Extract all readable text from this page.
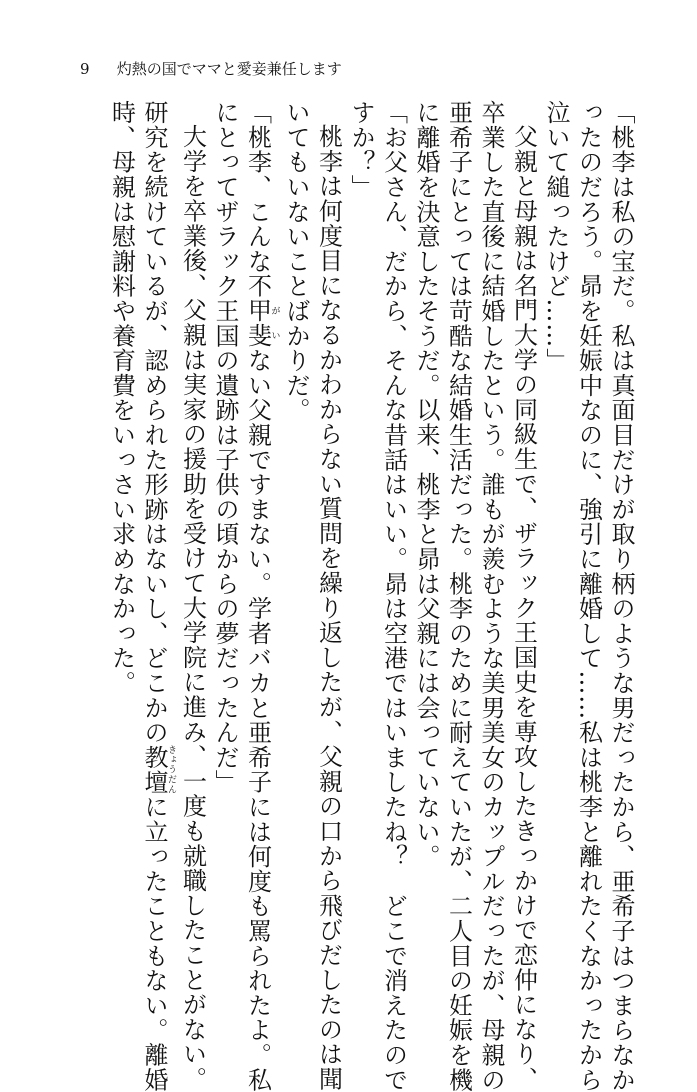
9 灼熱の国でママと愛妾兼任します
「桃李は私の宝だ。私は真面目だけが取り柄のような男だったから、亜希子はつまらなか
ったのだろう。昴を妊娠中なのに、強引に離婚して……私は桃李と離れたくなかったから
泣いて縋ったけど……」
父親と母親は名門大学の同級生で、ザラック王国史を専攻したきっかけで恋仲になり、
卒業した直後に結婚したという。誰もが羨むような美男美女のカップルだったが、母親の
亜希子にとっては苛酷な結婚生活だった。桃李のために耐えていたが、二人目の妊娠を機
に離婚を決意したそうだ。以来、桃李と昴は父親には会っていない。
「お父さん、だから、そんな昔話はいい。昴は空港ではいましたね？　どこで消えたので
すか？」
桃李は何度目になるかわからない質問を繰り返したが、父親の口から飛びだしたのは聞
いてもいないことばかりだ。
「桃李、こんな不甲斐がいない父親ですまない。学者バカと亜希子には何度も罵られたよ。私
にとってザラック王国の遺跡は子供の頃からの夢だったんだ」
大学を卒業後、父親は実家の援助を受けて大学院に進み、一度も就職したことがない。
研究を続けているが、認められた形跡はないし、どこかの教壇きょうだんに立ったこともない。離婚
時、母親は慰謝料や養育費をいっさい求めなかった。
